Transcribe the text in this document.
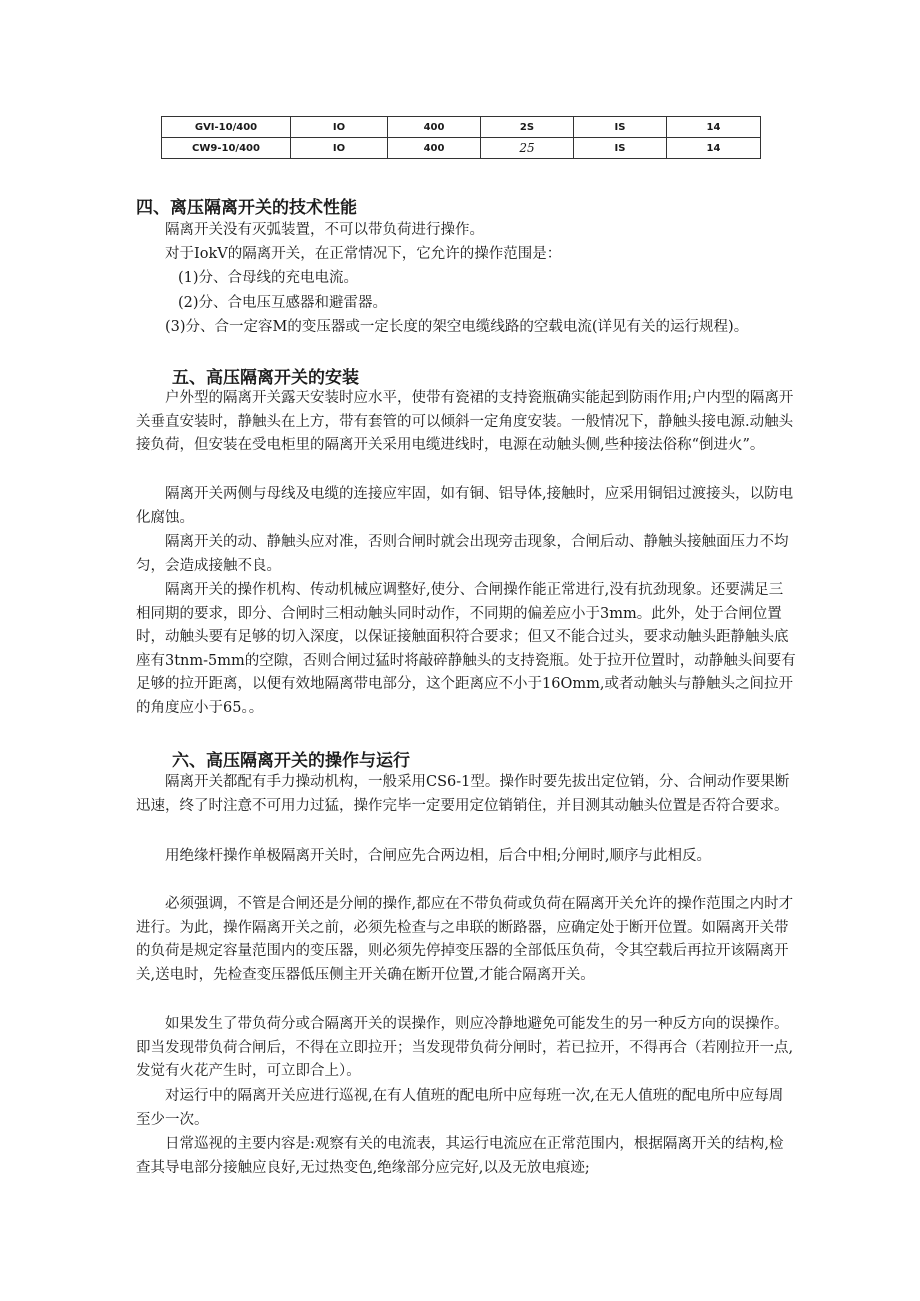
GVI-10/400	IO	400	2S	IS	14
CW9-10/400	IO	400	25	IS	14
四、离压隔离开关的技术性能
隔离开关没有灭弧装置，不可以带负荷进行操作。
对于IokV的隔离开关，在正常情况下，它允许的操作范围是：
(1)分、合母线的充电电流。
(2)分、合电压互感器和避雷器。
(3)分、合一定容M的变压器或一定长度的架空电缆线路的空载电流(详见有关的运行规程)。
五、高压隔离开关的安装
户外型的隔离开关露天安装时应水平，使带有瓷裙的支持瓷瓶确实能起到防雨作用;户内型的隔离开关垂直安装时，静触头在上方，带有套管的可以倾斜一定角度安装。一般情况下，静触头接电源.动触头接负荷，但安装在受电柜里的隔离开关采用电缆进线时，电源在动触头侧,些种接法俗称“倒进火”。
隔离开关两侧与母线及电缆的连接应牢固，如有铜、铝导体,接触时，应采用铜铝过渡接头，以防电化腐蚀。
隔离开关的动、静触头应对准，否则合闸时就会出现旁击现象，合闸后动、静触头接触面压力不均匀，会造成接触不良。
隔离开关的操作机构、传动机械应调整好,使分、合闸操作能正常进行,没有抗劲现象。还要满足三相同期的要求，即分、合闸时三相动触头同时动作，不同期的偏差应小于3mm。此外，处于合闸位置时，动触头要有足够的切入深度，以保证接触面积符合要求；但又不能合过头，要求动触头距静触头底座有3tnm-5mm的空隙，否则合闸过猛时将敲碎静触头的支持瓷瓶。处于拉开位置时，动静触头间要有足够的拉开距离，以便有效地隔离带电部分，这个距离应不小于16Omm,或者动触头与静触头之间拉开的角度应小于65。。
六、高压隔离开关的操作与运行
隔离开关都配有手力操动机构，一般采用CS6-1型。操作时要先拔出定位销，分、合闸动作要果断迅速，终了时注意不可用力过猛，操作完毕一定要用定位销销住，并目测其动触头位置是否符合要求。
用绝缘杆操作单极隔离开关时，合闸应先合两边相，后合中相;分闸时,顺序与此相反。
必须强调，不管是合闸还是分闸的操作,都应在不带负荷或负荷在隔离开关允许的操作范围之内时才进行。为此，操作隔离开关之前，必须先检查与之串联的断路器，应确定处于断开位置。如隔离开关带的负荷是规定容量范围内的变压器，则必须先停掉变压器的全部低压负荷，令其空载后再拉开该隔离开关,送电时，先检查变压器低压侧主开关确在断开位置,才能合隔离开关。
如果发生了带负荷分或合隔离开关的误操作，则应冷静地避免可能发生的另一种反方向的误操作。即当发现带负荷合闸后，不得在立即拉开；当发现带负荷分闸时，若已拉开，不得再合（若刚拉开一点,发觉有火花产生时，可立即合上）。
对运行中的隔离开关应进行巡视,在有人值班的配电所中应每班一次,在无人值班的配电所中应每周至少一次。
日常巡视的主要内容是:观察有关的电流表，其运行电流应在正常范围内，根据隔离开关的结构,检查其导电部分接触应良好,无过热变色,绝缘部分应完好,以及无放电痕迹;
